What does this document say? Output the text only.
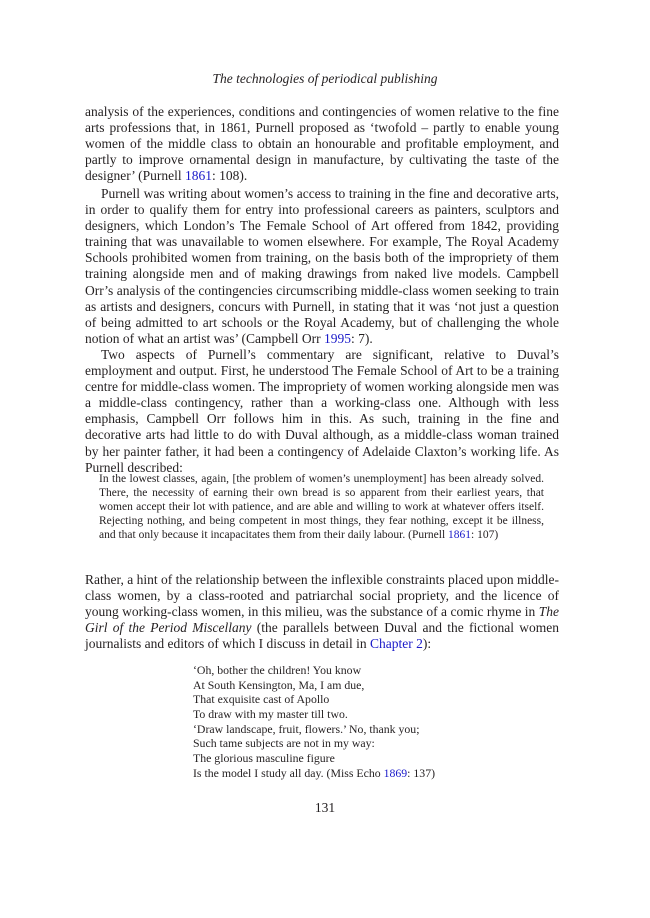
The technologies of periodical publishing

analysis of the experiences, conditions and contingencies of women relative to the fine arts professions that, in 1861, Purnell proposed as ‘twofold – partly to enable young women of the middle class to obtain an honourable and profitable employment, and partly to improve ornamental design in manufacture, by cultivating the taste of the designer’ (Purnell 1861: 108).

Purnell was writing about women’s access to training in the fine and decorative arts, in order to qualify them for entry into professional careers as painters, sculptors and designers, which London’s The Female School of Art offered from 1842, providing training that was unavailable to women elsewhere. For example, The Royal Academy Schools prohibited women from training, on the basis both of the impropriety of them training alongside men and of making drawings from naked live models. Campbell Orr’s analysis of the contingencies circumscribing middle-class women seeking to train as artists and designers, concurs with Purnell, in stating that it was ‘not just a question of being admitted to art schools or the Royal Academy, but of challenging the whole notion of what an artist was’ (Campbell Orr 1995: 7).

Two aspects of Purnell’s commentary are significant, relative to Duval’s employment and output. First, he understood The Female School of Art to be a training centre for middle-class women. The impropriety of women working alongside men was a middle-class contingency, rather than a working-class one. Although with less emphasis, Campbell Orr follows him in this. As such, training in the fine and decorative arts had little to do with Duval although, as a middle-class woman trained by her painter father, it had been a contingency of Adelaide Claxton’s working life. As Purnell described:

In the lowest classes, again, [the problem of women’s unemployment] has been already solved. There, the necessity of earning their own bread is so apparent from their earliest years, that women accept their lot with patience, and are able and willing to work at whatever offers itself. Rejecting nothing, and being competent in most things, they fear nothing, except it be illness, and that only because it incapacitates them from their daily labour. (Purnell 1861: 107)

Rather, a hint of the relationship between the inflexible constraints placed upon middle-class women, by a class-rooted and patriarchal social propriety, and the licence of young working-class women, in this milieu, was the substance of a comic rhyme in The Girl of the Period Miscellany (the parallels between Duval and the fictional women journalists and editors of which I discuss in detail in Chapter 2):

‘Oh, bother the children! You know
At South Kensington, Ma, I am due,
That exquisite cast of Apollo
To draw with my master till two.
‘Draw landscape, fruit, flowers.’ No, thank you;
Such tame subjects are not in my way:
The glorious masculine figure
Is the model I study all day. (Miss Echo 1869: 137)
131
